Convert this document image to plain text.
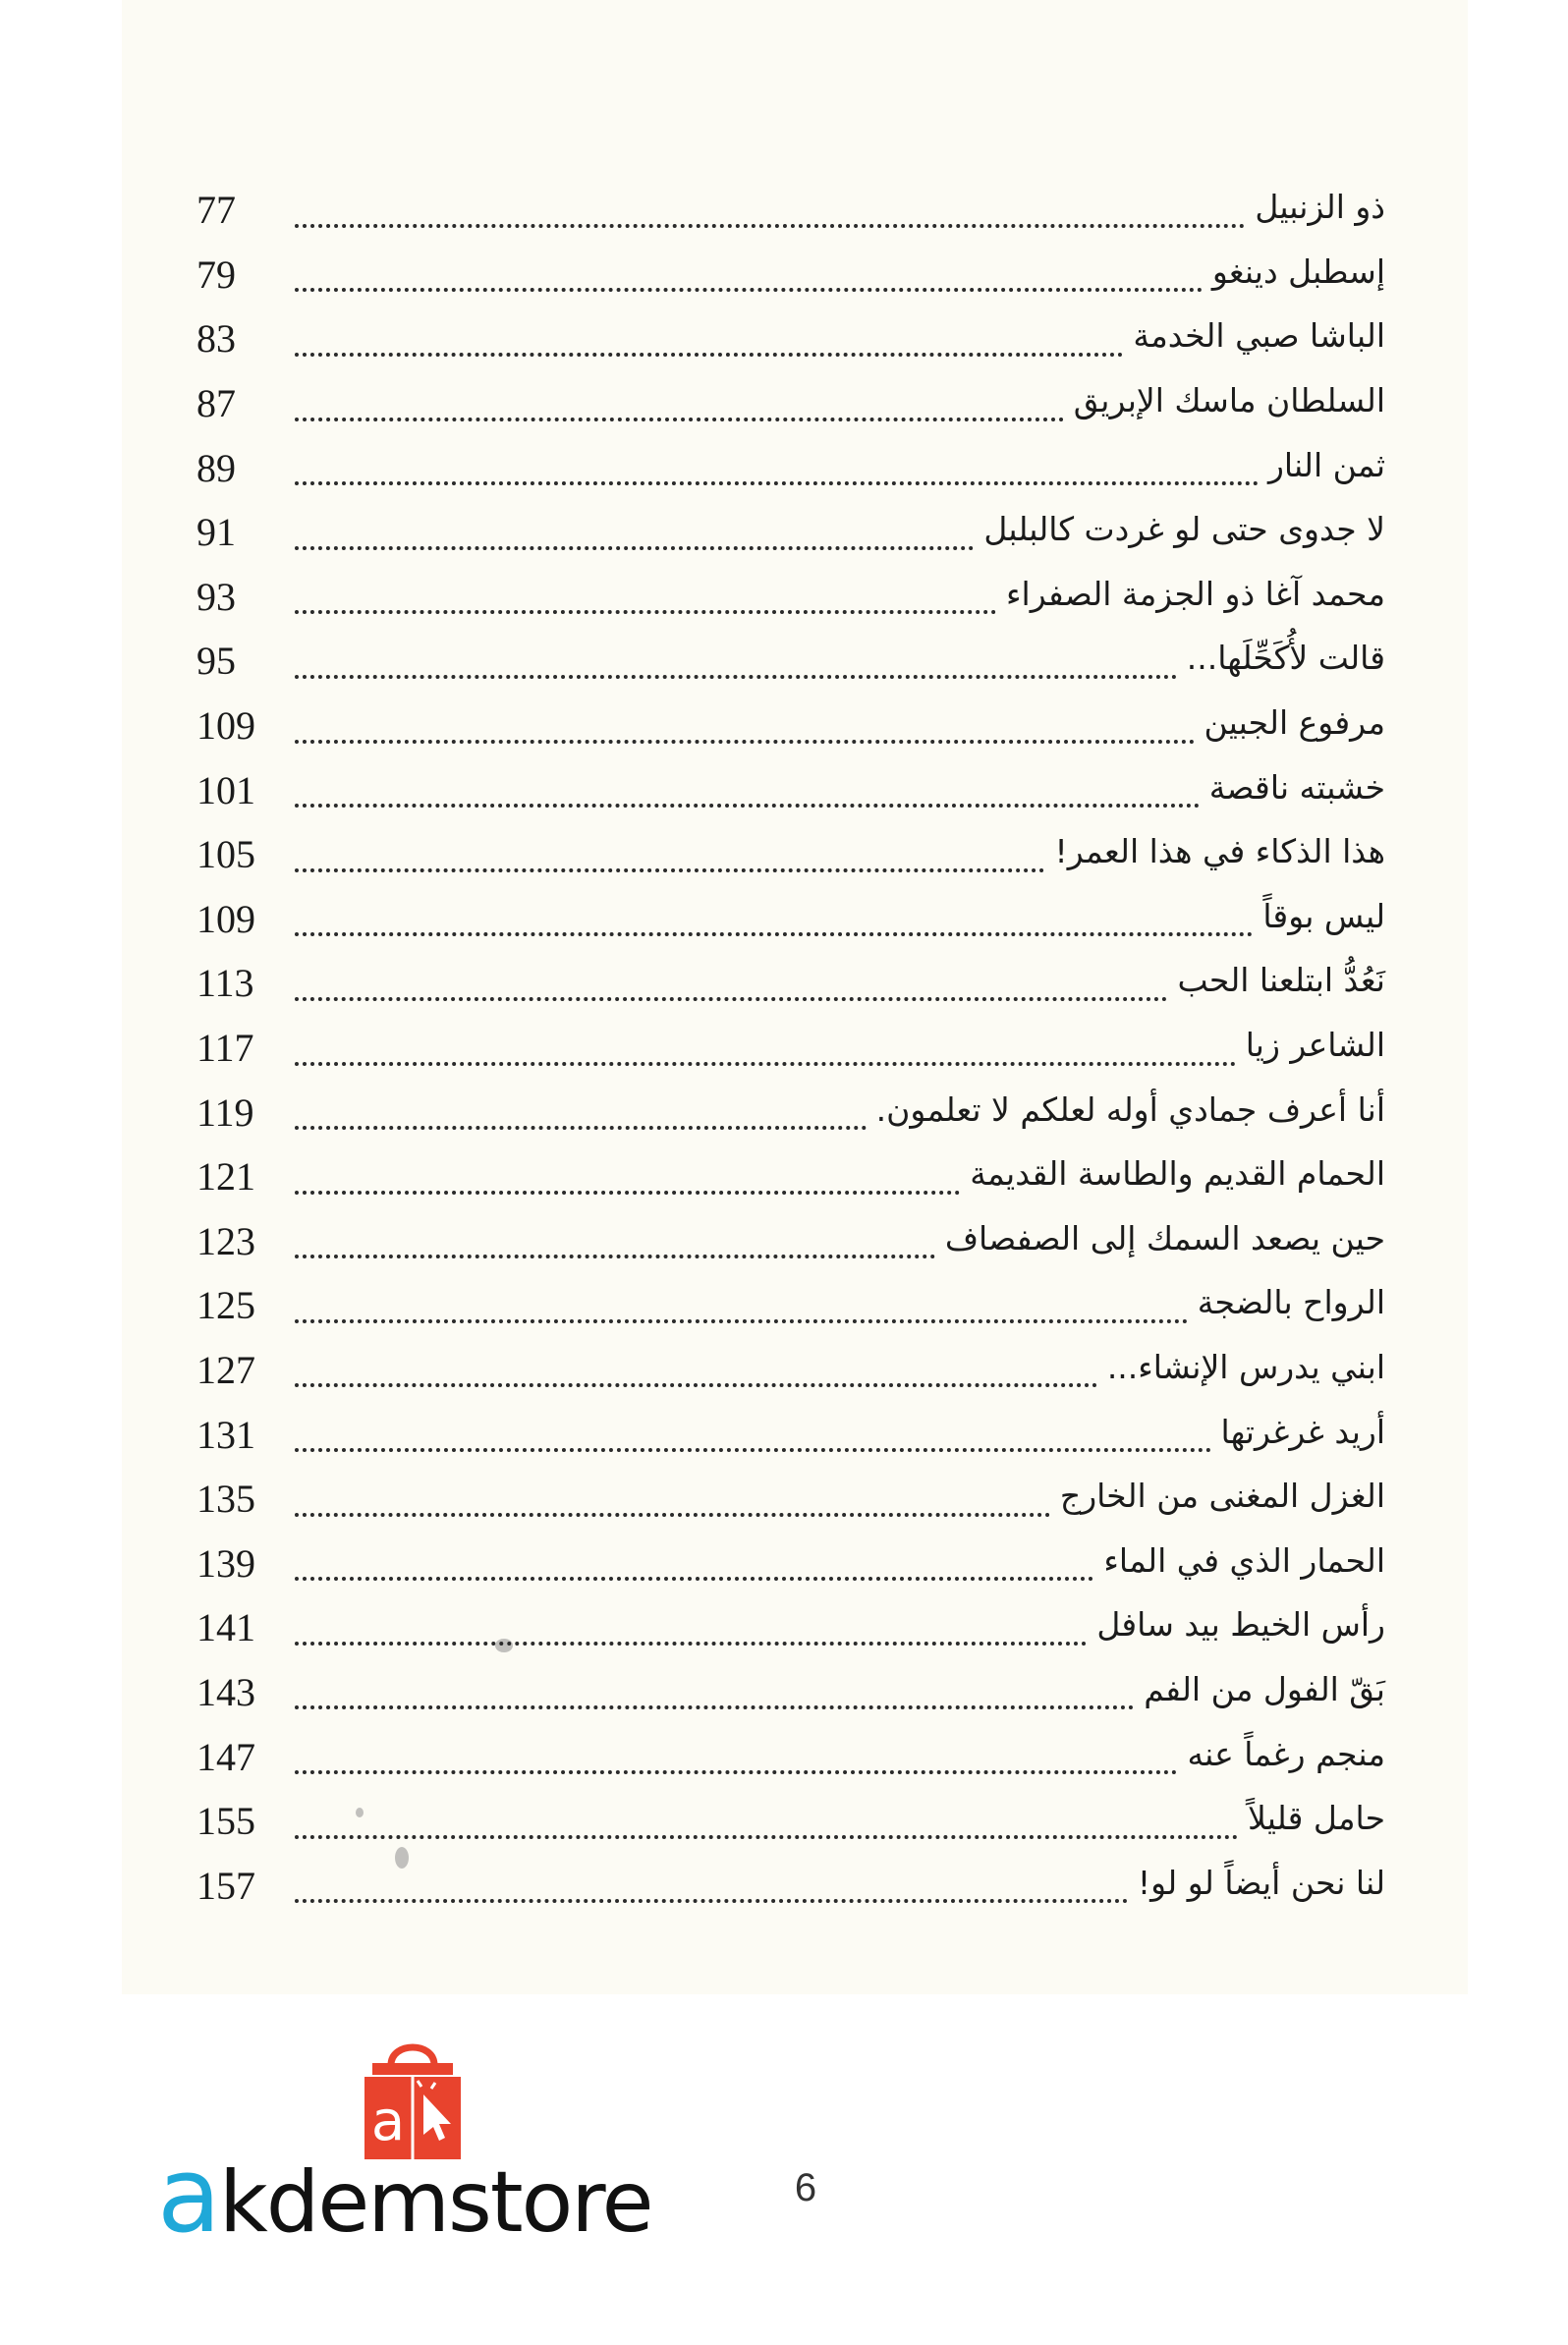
77	ذو الزنبيل
79	إسطبل دينغو
83	الباشا صبي الخدمة
87	السلطان ماسك الإبريق
89	ثمن النار
91	لا جدوى حتى لو غردت كالبلبل
93	محمد آغا ذو الجزمة الصفراء
95	قالت لأُكَحِّلَها...
109	مرفوع الجبين
101	خشبته ناقصة
105	هذا الذكاء في هذا العمر!
109	ليس بوقاً
113	نَعُدُّ ابتلعنا الحب
117	الشاعر زيا
119	أنا أعرف جمادي أوله لعلكم لا تعلمون.
121	الحمام القديم والطاسة القديمة
123	حين يصعد السمك إلى الصفصاف
125	الرواح بالضجة
127	ابني يدرس الإنشاء...
131	أريد غرغرتها
135	الغزل المغنى من الخارج
139	الحمار الذي في الماء
141	رأس الخيط بيد سافل
143	بَقّ الفول من الفم
147	منجم رغماً عنه
155	حامل قليلاً
157	لنا نحن أيضاً لو لو!
a
akdemstore	6
